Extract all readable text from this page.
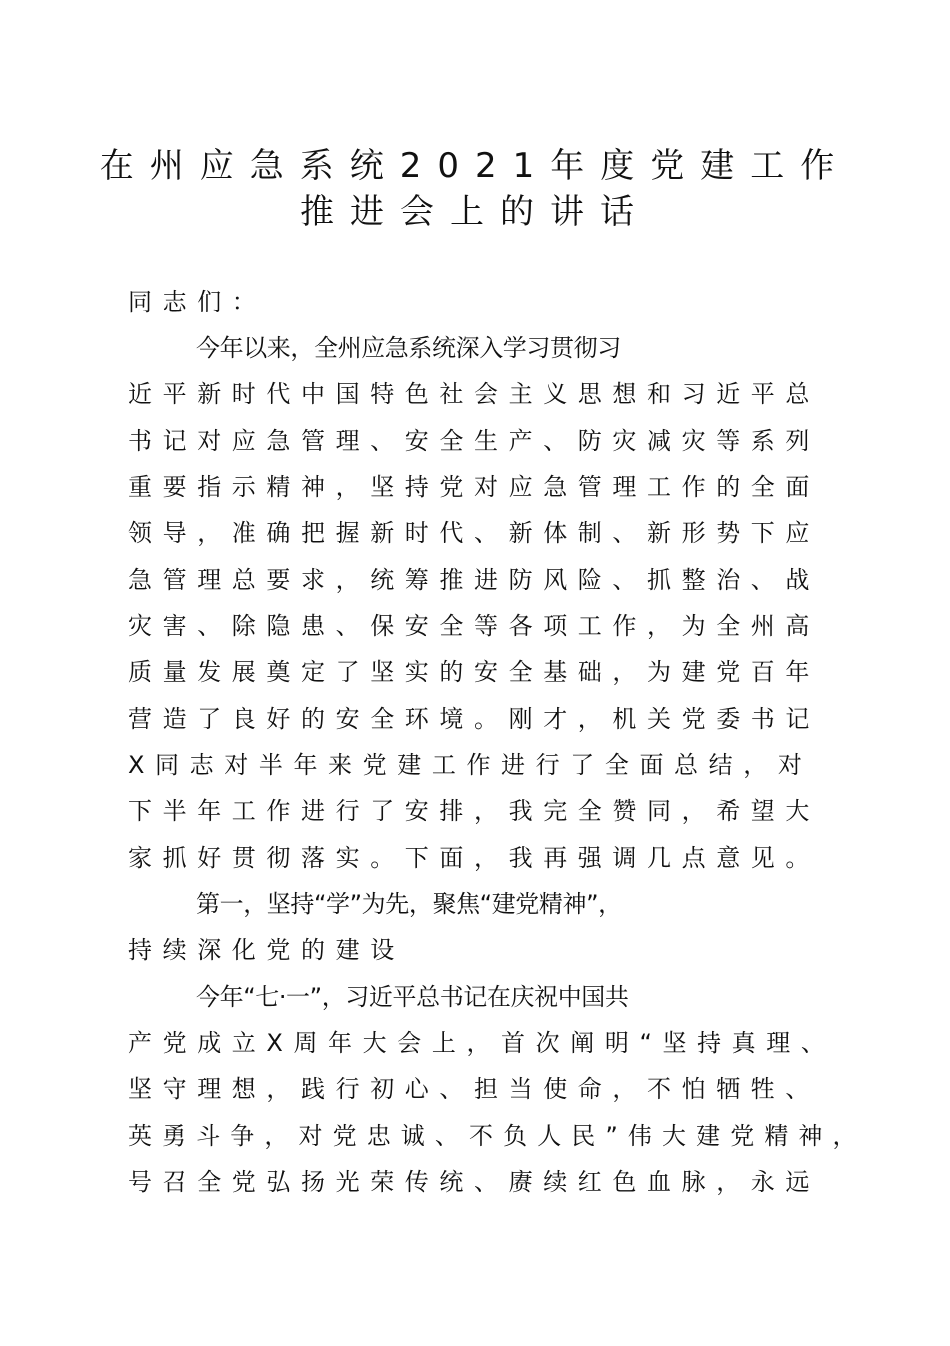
在州应急系统2021年度党建工作
推进会上的讲话
同志们：
今年以来，全州应急系统深入学习贯彻习
近平新时代中国特色社会主义思想和习近平总
书记对应急管理、安全生产、防灾减灾等系列
重要指示精神，坚持党对应急管理工作的全面
领导，准确把握新时代、新体制、新形势下应
急管理总要求，统筹推进防风险、抓整治、战
灾害、除隐患、保安全等各项工作，为全州高
质量发展奠定了坚实的安全基础，为建党百年
营造了良好的安全环境。刚才，机关党委书记
X同志对半年来党建工作进行了全面总结，对
下半年工作进行了安排，我完全赞同，希望大
家抓好贯彻落实。下面，我再强调几点意见。
第一，坚持“学”为先，聚焦“建党精神”，
持续深化党的建设
今年“七·一”，习近平总书记在庆祝中国共
产党成立X周年大会上，首次阐明“坚持真理、
坚守理想，践行初心、担当使命，不怕牺牲、
英勇斗争，对党忠诚、不负人民”伟大建党精神，
号召全党弘扬光荣传统、赓续红色血脉，永远
